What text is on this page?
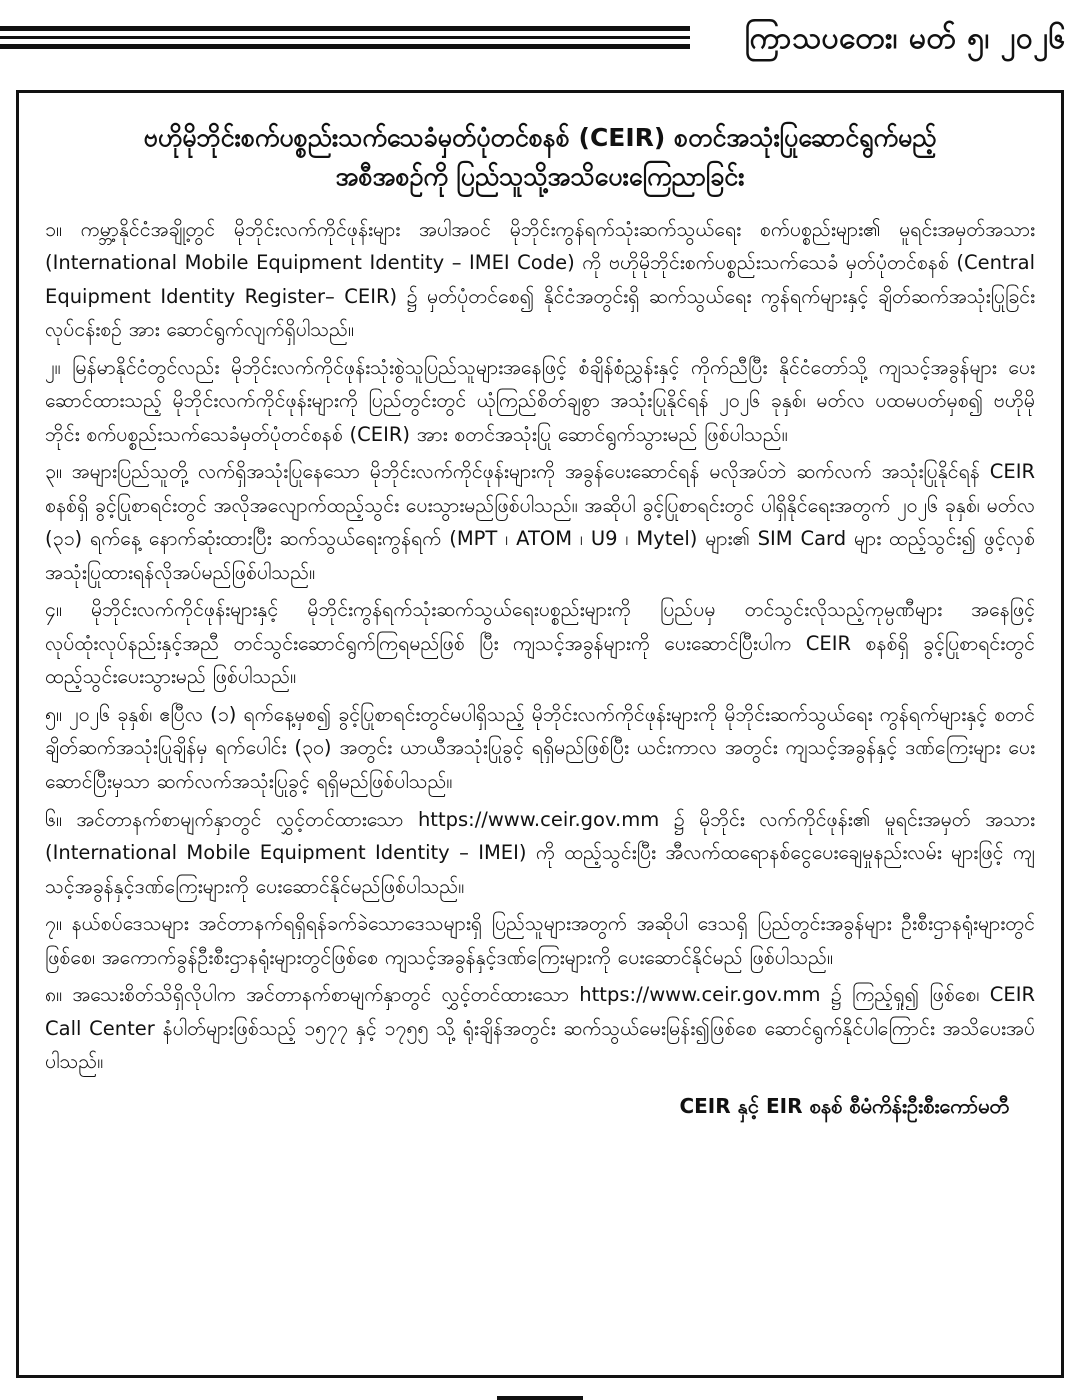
ကြာသပတေး၊ မတ် ၅၊ ၂၀၂၆
ဗဟိုမိုဘိုင်းစက်ပစ္စည်းသက်သေခံမှတ်ပုံတင်စနစ် (CEIR) စတင်အသုံးပြုဆောင်ရွက်မည့်
အစီအစဉ်ကို ပြည်သူသို့အသိပေးကြေညာခြင်း

၁။ ကမ္ဘာ့နိုင်ငံအချို့တွင် မိုဘိုင်းလက်ကိုင်ဖုန်းများ အပါအဝင် မိုဘိုင်းကွန်ရက်သုံးဆက်သွယ်ရေး စက်ပစ္စည်းများ၏ မူရင်းအမှတ်အသား (International Mobile Equipment Identity – IMEI Code) ကို ဗဟိုမိုဘိုင်းစက်ပစ္စည်းသက်သေခံ မှတ်ပုံတင်စနစ် (Central Equipment Identity Register– CEIR) ၌ မှတ်ပုံတင်စေ၍ နိုင်ငံအတွင်းရှိ ဆက်သွယ်ရေး ကွန်ရက်များနှင့် ချိတ်ဆက်အသုံးပြုခြင်းလုပ်ငန်းစဉ် အား ဆောင်ရွက်လျက်ရှိပါသည်။

၂။ မြန်မာနိုင်ငံတွင်လည်း မိုဘိုင်းလက်ကိုင်ဖုန်းသုံးစွဲသူပြည်သူများအနေဖြင့် စံချိန်စံညွှန်းနှင့် ကိုက်ညီပြီး နိုင်ငံတော်သို့ ကျသင့်အခွန်များ ပေးဆောင်ထားသည့် မိုဘိုင်းလက်ကိုင်ဖုန်းများကို ပြည်တွင်းတွင် ယုံကြည်စိတ်ချစွာ အသုံးပြုနိုင်ရန် ၂၀၂၆ ခုနှစ်၊ မတ်လ ပထမပတ်မှစ၍ ဗဟိုမိုဘိုင်း စက်ပစ္စည်းသက်သေခံမှတ်ပုံတင်စနစ် (CEIR) အား စတင်အသုံးပြု ဆောင်ရွက်သွားမည် ဖြစ်ပါသည်။

၃။ အများပြည်သူတို့ လက်ရှိအသုံးပြုနေသော မိုဘိုင်းလက်ကိုင်ဖုန်းများကို အခွန်ပေးဆောင်ရန် မလိုအပ်ဘဲ ဆက်လက် အသုံးပြုနိုင်ရန် CEIR စနစ်ရှိ ခွင့်ပြုစာရင်းတွင် အလိုအလျောက်ထည့်သွင်း ပေးသွားမည်ဖြစ်ပါသည်။ အဆိုပါ ခွင့်ပြုစာရင်းတွင် ပါရှိနိုင်ရေးအတွက် ၂၀၂၆ ခုနှစ်၊ မတ်လ (၃၁) ရက်နေ့ နောက်ဆုံးထားပြီး ဆက်သွယ်ရေးကွန်ရက် (MPT ၊ ATOM ၊ U9 ၊ Mytel) များ၏ SIM Card များ ထည့်သွင်း၍ ဖွင့်လှစ်အသုံးပြုထားရန်လိုအပ်မည်ဖြစ်ပါသည်။

၄။ မိုဘိုင်းလက်ကိုင်ဖုန်းများနှင့် မိုဘိုင်းကွန်ရက်သုံးဆက်သွယ်ရေးပစ္စည်းများကို ပြည်ပမှ တင်သွင်းလိုသည့်ကုမ္ပဏီများ အနေဖြင့် လုပ်ထုံးလုပ်နည်းနှင့်အညီ တင်သွင်းဆောင်ရွက်ကြရမည်ဖြစ် ပြီး ကျသင့်အခွန်များကို ပေးဆောင်ပြီးပါက CEIR စနစ်ရှိ ခွင့်ပြုစာရင်းတွင် ထည့်သွင်းပေးသွားမည် ဖြစ်ပါသည်။

၅။ ၂၀၂၆ ခုနှစ်၊ ဧပြီလ (၁) ရက်နေ့မှစ၍ ခွင့်ပြုစာရင်းတွင်မပါရှိသည့် မိုဘိုင်းလက်ကိုင်ဖုန်းများကို မိုဘိုင်းဆက်သွယ်ရေး ကွန်ရက်များနှင့် စတင်ချိတ်ဆက်အသုံးပြုချိန်မှ ရက်ပေါင်း (၃၀) အတွင်း ယာယီအသုံးပြုခွင့် ရရှိမည်ဖြစ်ပြီး ယင်းကာလ အတွင်း ကျသင့်အခွန်နှင့် ဒဏ်ကြေးများ ပေးဆောင်ပြီးမှသာ ဆက်လက်အသုံးပြုခွင့် ရရှိမည်ဖြစ်ပါသည်။

၆။ အင်တာနက်စာမျက်နှာတွင် လွှင့်တင်ထားသော https://www.ceir.gov.mm ၌ မိုဘိုင်း လက်ကိုင်ဖုန်း၏ မူရင်းအမှတ် အသား (International Mobile Equipment Identity – IMEI) ကို ထည့်သွင်းပြီး အီလက်ထရောနစ်ငွေပေးချေမှုနည်းလမ်း များဖြင့် ကျသင့်အခွန်နှင့်ဒဏ်ကြေးများကို ပေးဆောင်နိုင်မည်ဖြစ်ပါသည်။

၇။ နယ်စပ်ဒေသများ အင်တာနက်ရရှိရန်ခက်ခဲသောဒေသများရှိ ပြည်သူများအတွက် အဆိုပါ ဒေသရှိ ပြည်တွင်းအခွန်များ ဦးစီးဌာနရုံးများတွင်ဖြစ်စေ၊ အကောက်ခွန်ဦးစီးဌာနရုံးများတွင်ဖြစ်စေ ကျသင့်အခွန်နှင့်ဒဏ်ကြေးများကို ပေးဆောင်နိုင်မည် ဖြစ်ပါသည်။

၈။ အသေးစိတ်သိရှိလိုပါက အင်တာနက်စာမျက်နှာတွင် လွှင့်တင်ထားသော https://www.ceir.gov.mm ၌ ကြည့်ရှု၍ ဖြစ်စေ၊ CEIR Call Center နံပါတ်များဖြစ်သည့် ၁၅၇၇ နှင့် ၁၇၅၅ သို့ ရုံးချိန်အတွင်း ဆက်သွယ်မေးမြန်း၍ဖြစ်စေ ဆောင်ရွက်နိုင်ပါကြောင်း အသိပေးအပ်ပါသည်။

CEIR နှင့် EIR စနစ် စီမံကိန်းဦးစီးကော်မတီ
